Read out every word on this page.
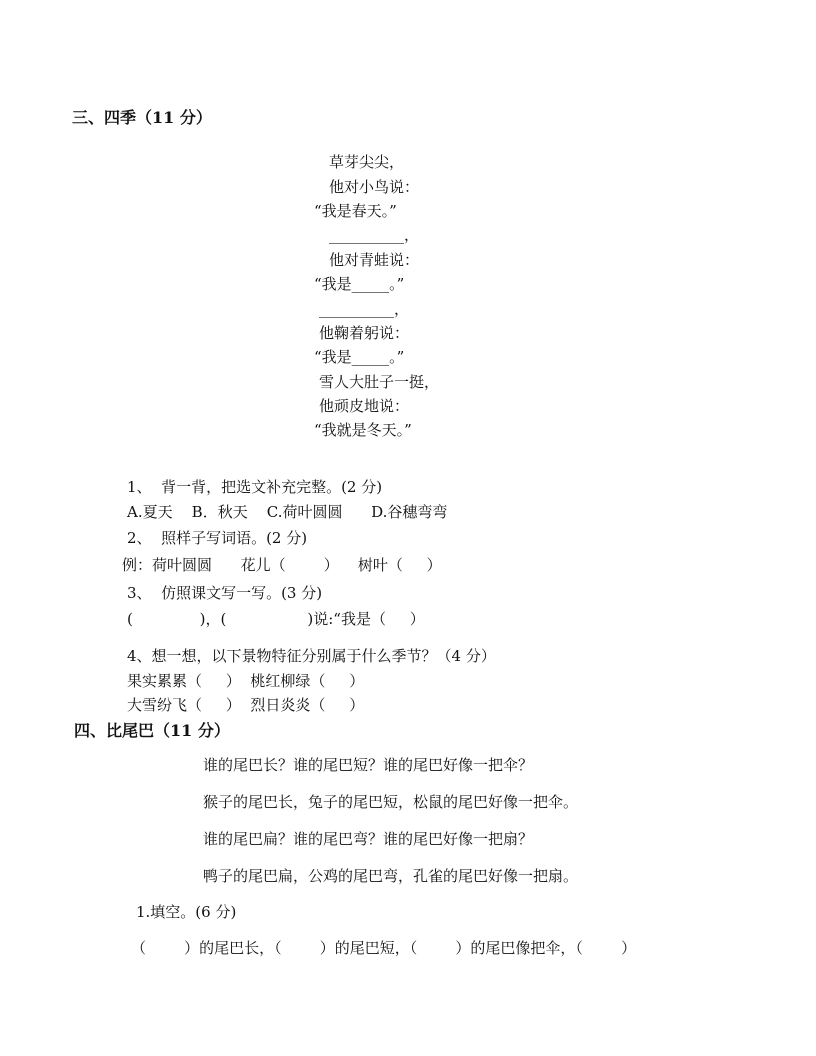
三、四季（11 分）
草芽尖尖，
他对小鸟说：
“我是春天。”
__________，
他对青蛙说：
“我是_____。”
__________，
他鞠着躬说：
“我是_____。”
雪人大肚子一挺，
他顽皮地说：
“我就是冬天。”
1、  背一背，把选文补充完整。(2 分)
A.夏天    B．秋天    C.荷叶圆圆      D.谷穗弯弯
2、  照样子写词语。(2 分)
例：荷叶圆圆      花儿（        ）    树叶（     ）
3、  仿照课文写一写。(3 分)
(              )，(                 )说:“我是（     ）
4、想一想，以下景物特征分别属于什么季节？（4 分）
果实累累（     ）  桃红柳绿（     ）
大雪纷飞（     ）  烈日炎炎（     ）
四、比尾巴（11 分）
谁的尾巴长？谁的尾巴短？谁的尾巴好像一把伞？
猴子的尾巴长，兔子的尾巴短，松鼠的尾巴好像一把伞。
谁的尾巴扁？谁的尾巴弯？谁的尾巴好像一把扇？
鸭子的尾巴扁，公鸡的尾巴弯，孔雀的尾巴好像一把扇。
1.填空。(6 分)
（        ）的尾巴长，（        ）的尾巴短，（        ）的尾巴像把伞，（        ）
